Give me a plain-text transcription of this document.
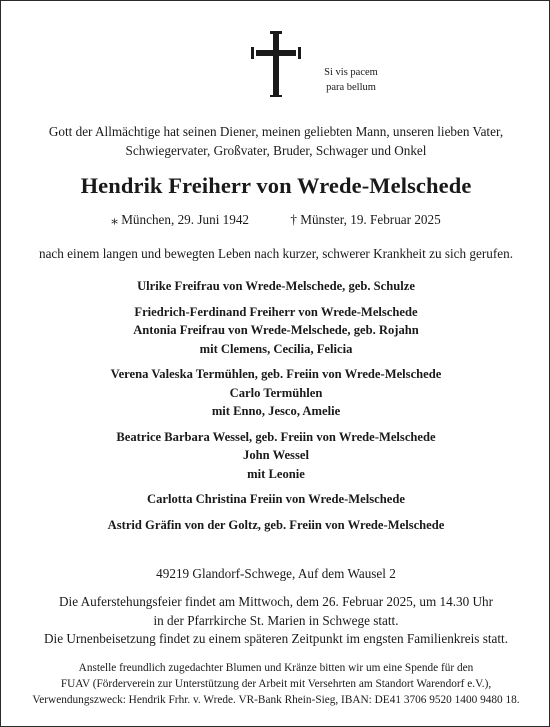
Si vis pacem
para bellum
Gott der Allmächtige hat seinen Diener, meinen geliebten Mann, unseren lieben Vater,
Schwiegervater, Großvater, Bruder, Schwager und Onkel
Hendrik Freiherr von Wrede-Melschede
⁎ München, 29. Juni 1942	† Münster, 19. Februar 2025
nach einem langen und bewegten Leben nach kurzer, schwerer Krankheit zu sich gerufen.
Ulrike Freifrau von Wrede-Melschede, geb. Schulze
Friedrich-Ferdinand Freiherr von Wrede-Melschede
Antonia Freifrau von Wrede-Melschede, geb. Rojahn
mit Clemens, Cecilia, Felicia
Verena Valeska Termühlen, geb. Freiin von Wrede-Melschede
Carlo Termühlen
mit Enno, Jesco, Amelie
Beatrice Barbara Wessel, geb. Freiin von Wrede-Melschede
John Wessel
mit Leonie
Carlotta Christina Freiin von Wrede-Melschede
Astrid Gräfin von der Goltz, geb. Freiin von Wrede-Melschede
49219 Glandorf-Schwege, Auf dem Wausel 2
Die Auferstehungsfeier findet am Mittwoch, dem 26. Februar 2025, um 14.30 Uhr
in der Pfarrkirche St. Marien in Schwege statt.
Die Urnenbeisetzung findet zu einem späteren Zeitpunkt im engsten Familienkreis statt.
Anstelle freundlich zugedachter Blumen und Kränze bitten wir um eine Spende für den
FUAV (Förderverein zur Unterstützung der Arbeit mit Versehrten am Standort Warendorf e.V.),
Verwendungszweck: Hendrik Frhr. v. Wrede. VR-Bank Rhein-Sieg, IBAN: DE41 3706 9520 1400 9480 18.
